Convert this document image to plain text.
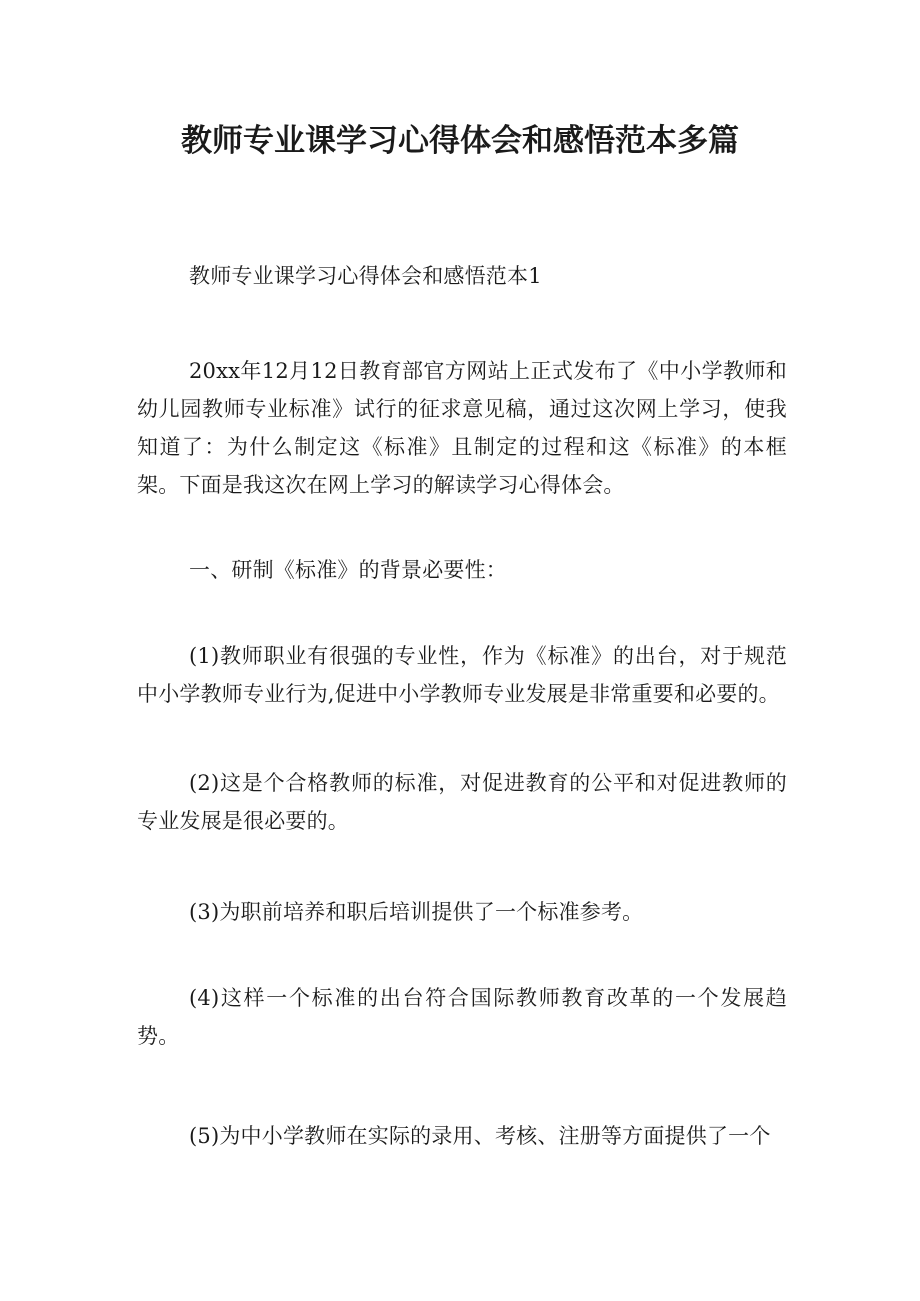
教师专业课学习心得体会和感悟范本多篇

教师专业课学习心得体会和感悟范本1

20xx年12月12日教育部官方网站上正式发布了《中小学教师和幼儿园教师专业标准》试行的征求意见稿，通过这次网上学习，使我知道了：为什么制定这《标准》且制定的过程和这《标准》的本框架。下面是我这次在网上学习的解读学习心得体会。

一、研制《标准》的背景必要性：

(1)教师职业有很强的专业性，作为《标准》的出台，对于规范中小学教师专业行为,促进中小学教师专业发展是非常重要和必要的。

(2)这是个合格教师的标准，对促进教育的公平和对促进教师的专业发展是很必要的。

(3)为职前培养和职后培训提供了一个标准参考。

(4)这样一个标准的出台符合国际教师教育改革的一个发展趋势。

(5)为中小学教师在实际的录用、考核、注册等方面提供了一个
